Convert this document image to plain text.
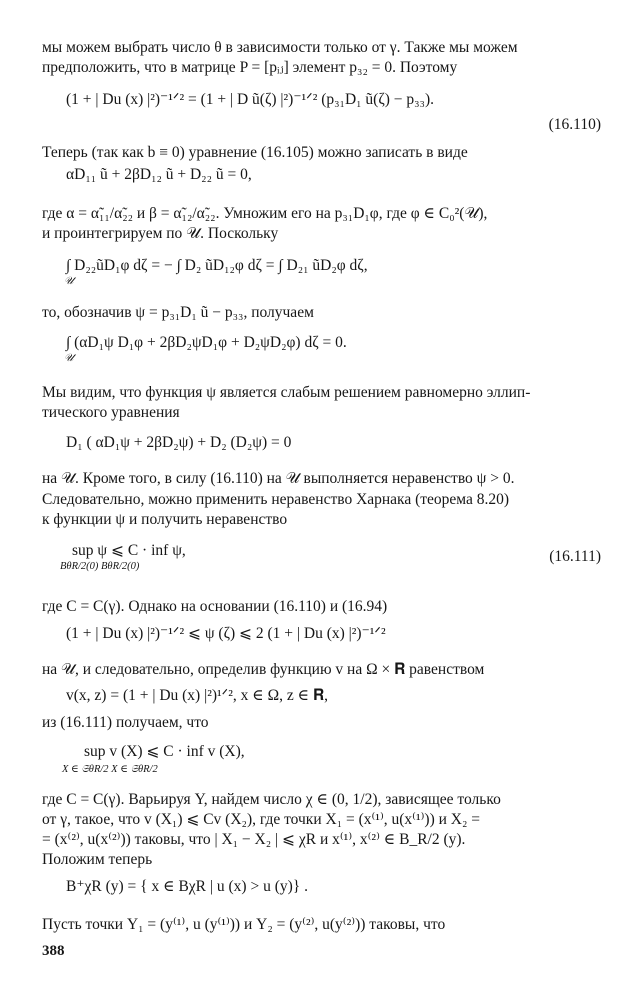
мы можем выбрать число θ в зависимости только от γ. Также мы можем
предположить, что в матрице P = [pᵢⱼ] элемент p₃₂ = 0. Поэтому
(1 + | Du (x) |²)⁻¹ᐟ² = (1 + | D ũ(ζ) |²)⁻¹ᐟ² (p₃₁D₁ ũ(ζ) − p₃₃).
(16.110)
Теперь (так как b ≡ 0) уравнение (16.105) можно записать в виде
αD₁₁ ũ + 2βD₁₂ ũ + D₂₂ ũ = 0,
где α = α̃₁₁/α̃₂₂ и β = α̃₁₂/α̃₂₂. Умножим его на p₃₁D₁φ, где φ ∈ C₀²(𝒰),
и проинтегрируем по 𝒰. Поскольку
∫ D₂₂ũD₁φ dζ = − ∫ D₂ ũD₁₂φ dζ = ∫ D₂₁ ũD₂φ dζ,
𝒰
то, обозначив ψ = p₃₁D₁ ũ − p₃₃, получаем
∫ (αD₁ψ D₁φ + 2βD₂ψD₁φ + D₂ψD₂φ) dζ = 0.
𝒰
Мы видим, что функция ψ является слабым решением равномерно эллип-
тического уравнения
D₁ ( αD₁ψ + 2βD₂ψ) + D₂ (D₂ψ) = 0
на 𝒰. Кроме того, в силу (16.110) на 𝒰 выполняется неравенство ψ > 0.
Следовательно, можно применить неравенство Харнака (теорема 8.20)
к функции ψ и получить неравенство
sup ψ ⩽ C · inf ψ,
BθR/2(0) BθR/2(0)
(16.111)
где C = C(γ). Однако на основании (16.110) и (16.94)
(1 + | Du (x) |²)⁻¹ᐟ² ⩽ ψ (ζ) ⩽ 2 (1 + | Du (x) |²)⁻¹ᐟ²
на 𝒰, и следовательно, определив функцию v на Ω × 𝐑 равенством
v(x, z) = (1 + | Du (x) |²)¹ᐟ², x ∈ Ω, z ∈ 𝐑,
из (16.111) получаем, что
sup v (X) ⩽ C · inf v (X),
X ∈ 𝔖θR/2 X ∈ 𝔖θR/2
где C = C(γ). Варьируя Y, найдем число χ ∈ (0, 1/2), зависящее только
от γ, такое, что v (X₁) ⩽ Cv (X₂), где точки X₁ = (x⁽¹⁾, u(x⁽¹⁾)) и X₂ =
= (x⁽²⁾, u(x⁽²⁾)) таковы, что | X₁ − X₂ | ⩽ χR и x⁽¹⁾, x⁽²⁾ ∈ B_R/2 (y).
Положим теперь
B⁺χR (y) = { x ∈ BχR | u (x) > u (y)} .
Пусть точки Y₁ = (y⁽¹⁾, u (y⁽¹⁾)) и Y₂ = (y⁽²⁾, u(y⁽²⁾)) таковы, что
388
